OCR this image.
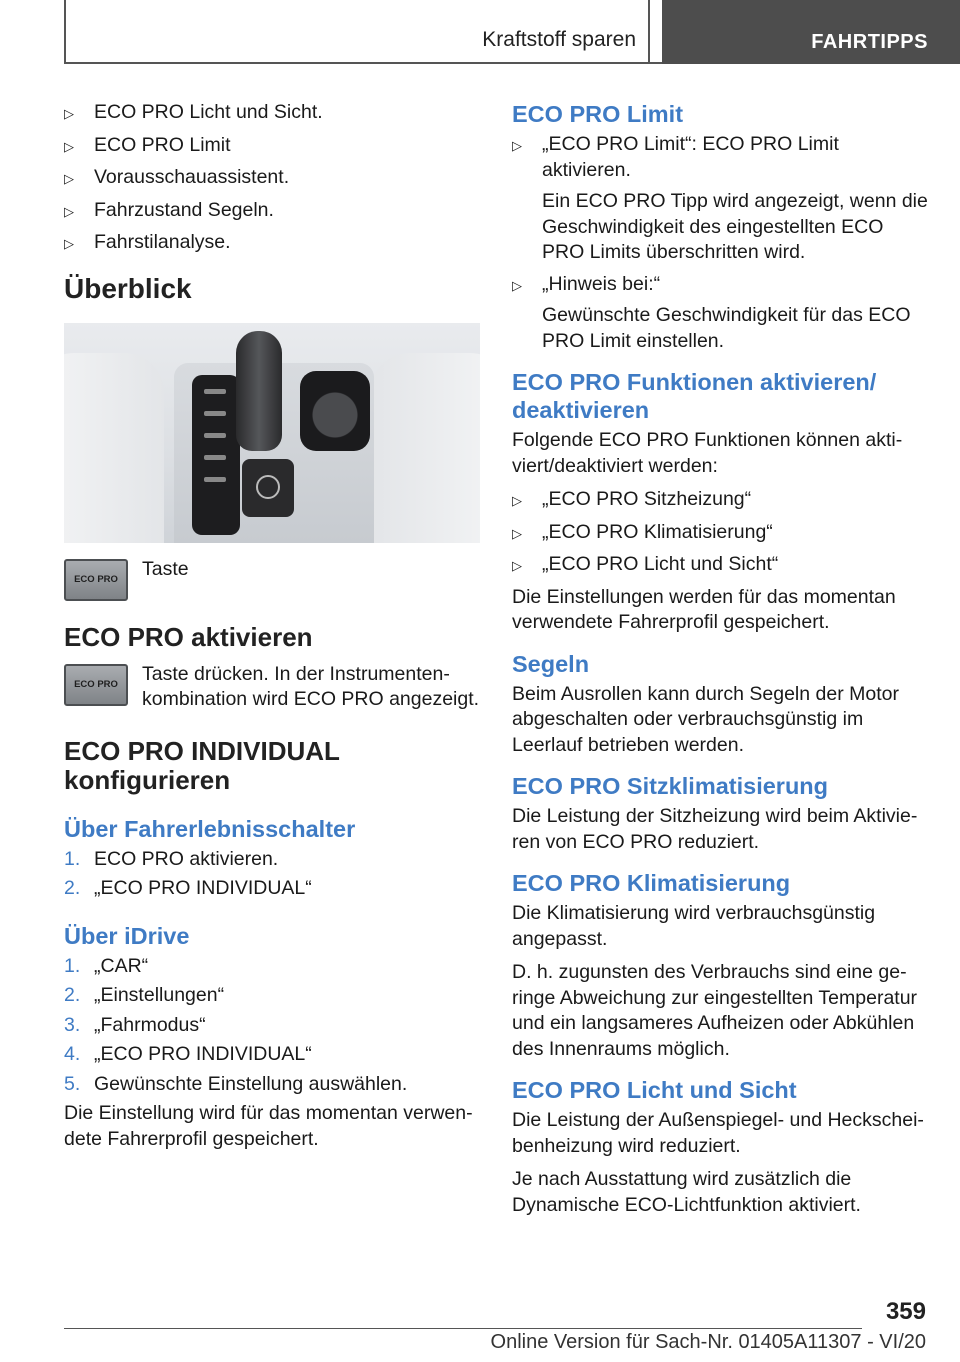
Kraftstoff sparen	FAHRTIPPS
▷	ECO PRO Licht und Sicht.
▷	ECO PRO Limit
▷	Vorausschauassistent.
▷	Fahrzustand Segeln.
▷	Fahrstilanalyse.
Überblick
ECO PRO	Taste
ECO PRO aktivieren
ECO PRO	Taste drücken. In der Instrumentenkombination wird ECO PRO angezeigt.
ECO PRO INDIVIDUAL konfigurieren
Über Fahrerlebnisschalter
1. ECO PRO aktivieren.
2. „ECO PRO INDIVIDUAL“
Über iDrive
1. „CAR“
2. „Einstellungen“
3. „Fahrmodus“
4. „ECO PRO INDIVIDUAL“
5. Gewünschte Einstellung auswählen.
Die Einstellung wird für das momentan verwendete Fahrerprofil gespeichert.
ECO PRO Limit
▷	„ECO PRO Limit“: ECO PRO Limit aktivieren.
Ein ECO PRO Tipp wird angezeigt, wenn die Geschwindigkeit des eingestellten ECO PRO Limits überschritten wird.
▷	„Hinweis bei:“
Gewünschte Geschwindigkeit für das ECO PRO Limit einstellen.
ECO PRO Funktionen aktivieren/ deaktivieren
Folgende ECO PRO Funktionen können aktiviert/deaktiviert werden:
▷	„ECO PRO Sitzheizung“
▷	„ECO PRO Klimatisierung“
▷	„ECO PRO Licht und Sicht“
Die Einstellungen werden für das momentan verwendete Fahrerprofil gespeichert.
Segeln
Beim Ausrollen kann durch Segeln der Motor abgeschalten oder verbrauchsgünstig im Leerlauf betrieben werden.
ECO PRO Sitzklimatisierung
Die Leistung der Sitzheizung wird beim Aktivieren von ECO PRO reduziert.
ECO PRO Klimatisierung
Die Klimatisierung wird verbrauchsgünstig angepasst.
D. h. zugunsten des Verbrauchs sind eine geringe Abweichung zur eingestellten Temperatur und ein langsameres Aufheizen oder Abkühlen des Innenraums möglich.
ECO PRO Licht und Sicht
Die Leistung der Außenspiegel- und Heckscheibenheizung wird reduziert.
Je nach Ausstattung wird zusätzlich die Dynamische ECO-Lichtfunktion aktiviert.
359
Online Version für Sach-Nr. 01405A11307 - VI/20
